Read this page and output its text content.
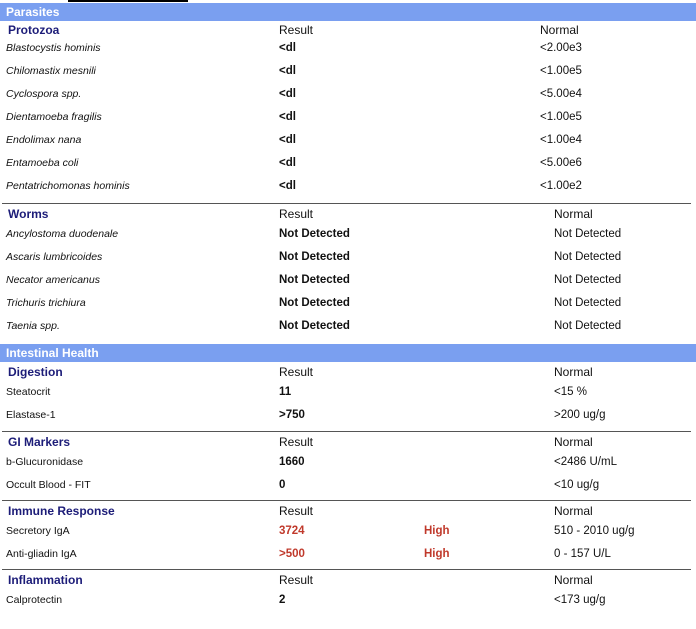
Parasites
Protozoa	Result	Normal
Blastocystis hominis	<dl	<2.00e3
Chilomastix mesnili	<dl	<1.00e5
Cyclospora spp.	<dl	<5.00e4
Dientamoeba fragilis	<dl	<1.00e5
Endolimax nana	<dl	<1.00e4
Entamoeba coli	<dl	<5.00e6
Pentatrichomonas hominis	<dl	<1.00e2
Worms	Result	Normal
Ancylostoma duodenale	Not Detected	Not Detected
Ascaris lumbricoides	Not Detected	Not Detected
Necator americanus	Not Detected	Not Detected
Trichuris trichiura	Not Detected	Not Detected
Taenia spp.	Not Detected	Not Detected
Intestinal Health
Digestion	Result	Normal
Steatocrit	11	<15 %
Elastase-1	>750	>200 ug/g
GI Markers	Result	Normal
b-Glucuronidase	1660	<2486 U/mL
Occult Blood - FIT	0	<10 ug/g
Immune Response	Result	Normal
Secretory IgA	3724	High	510 - 2010 ug/g
Anti-gliadin IgA	>500	High	0 - 157 U/L
Inflammation	Result	Normal
Calprotectin	2	<173 ug/g
